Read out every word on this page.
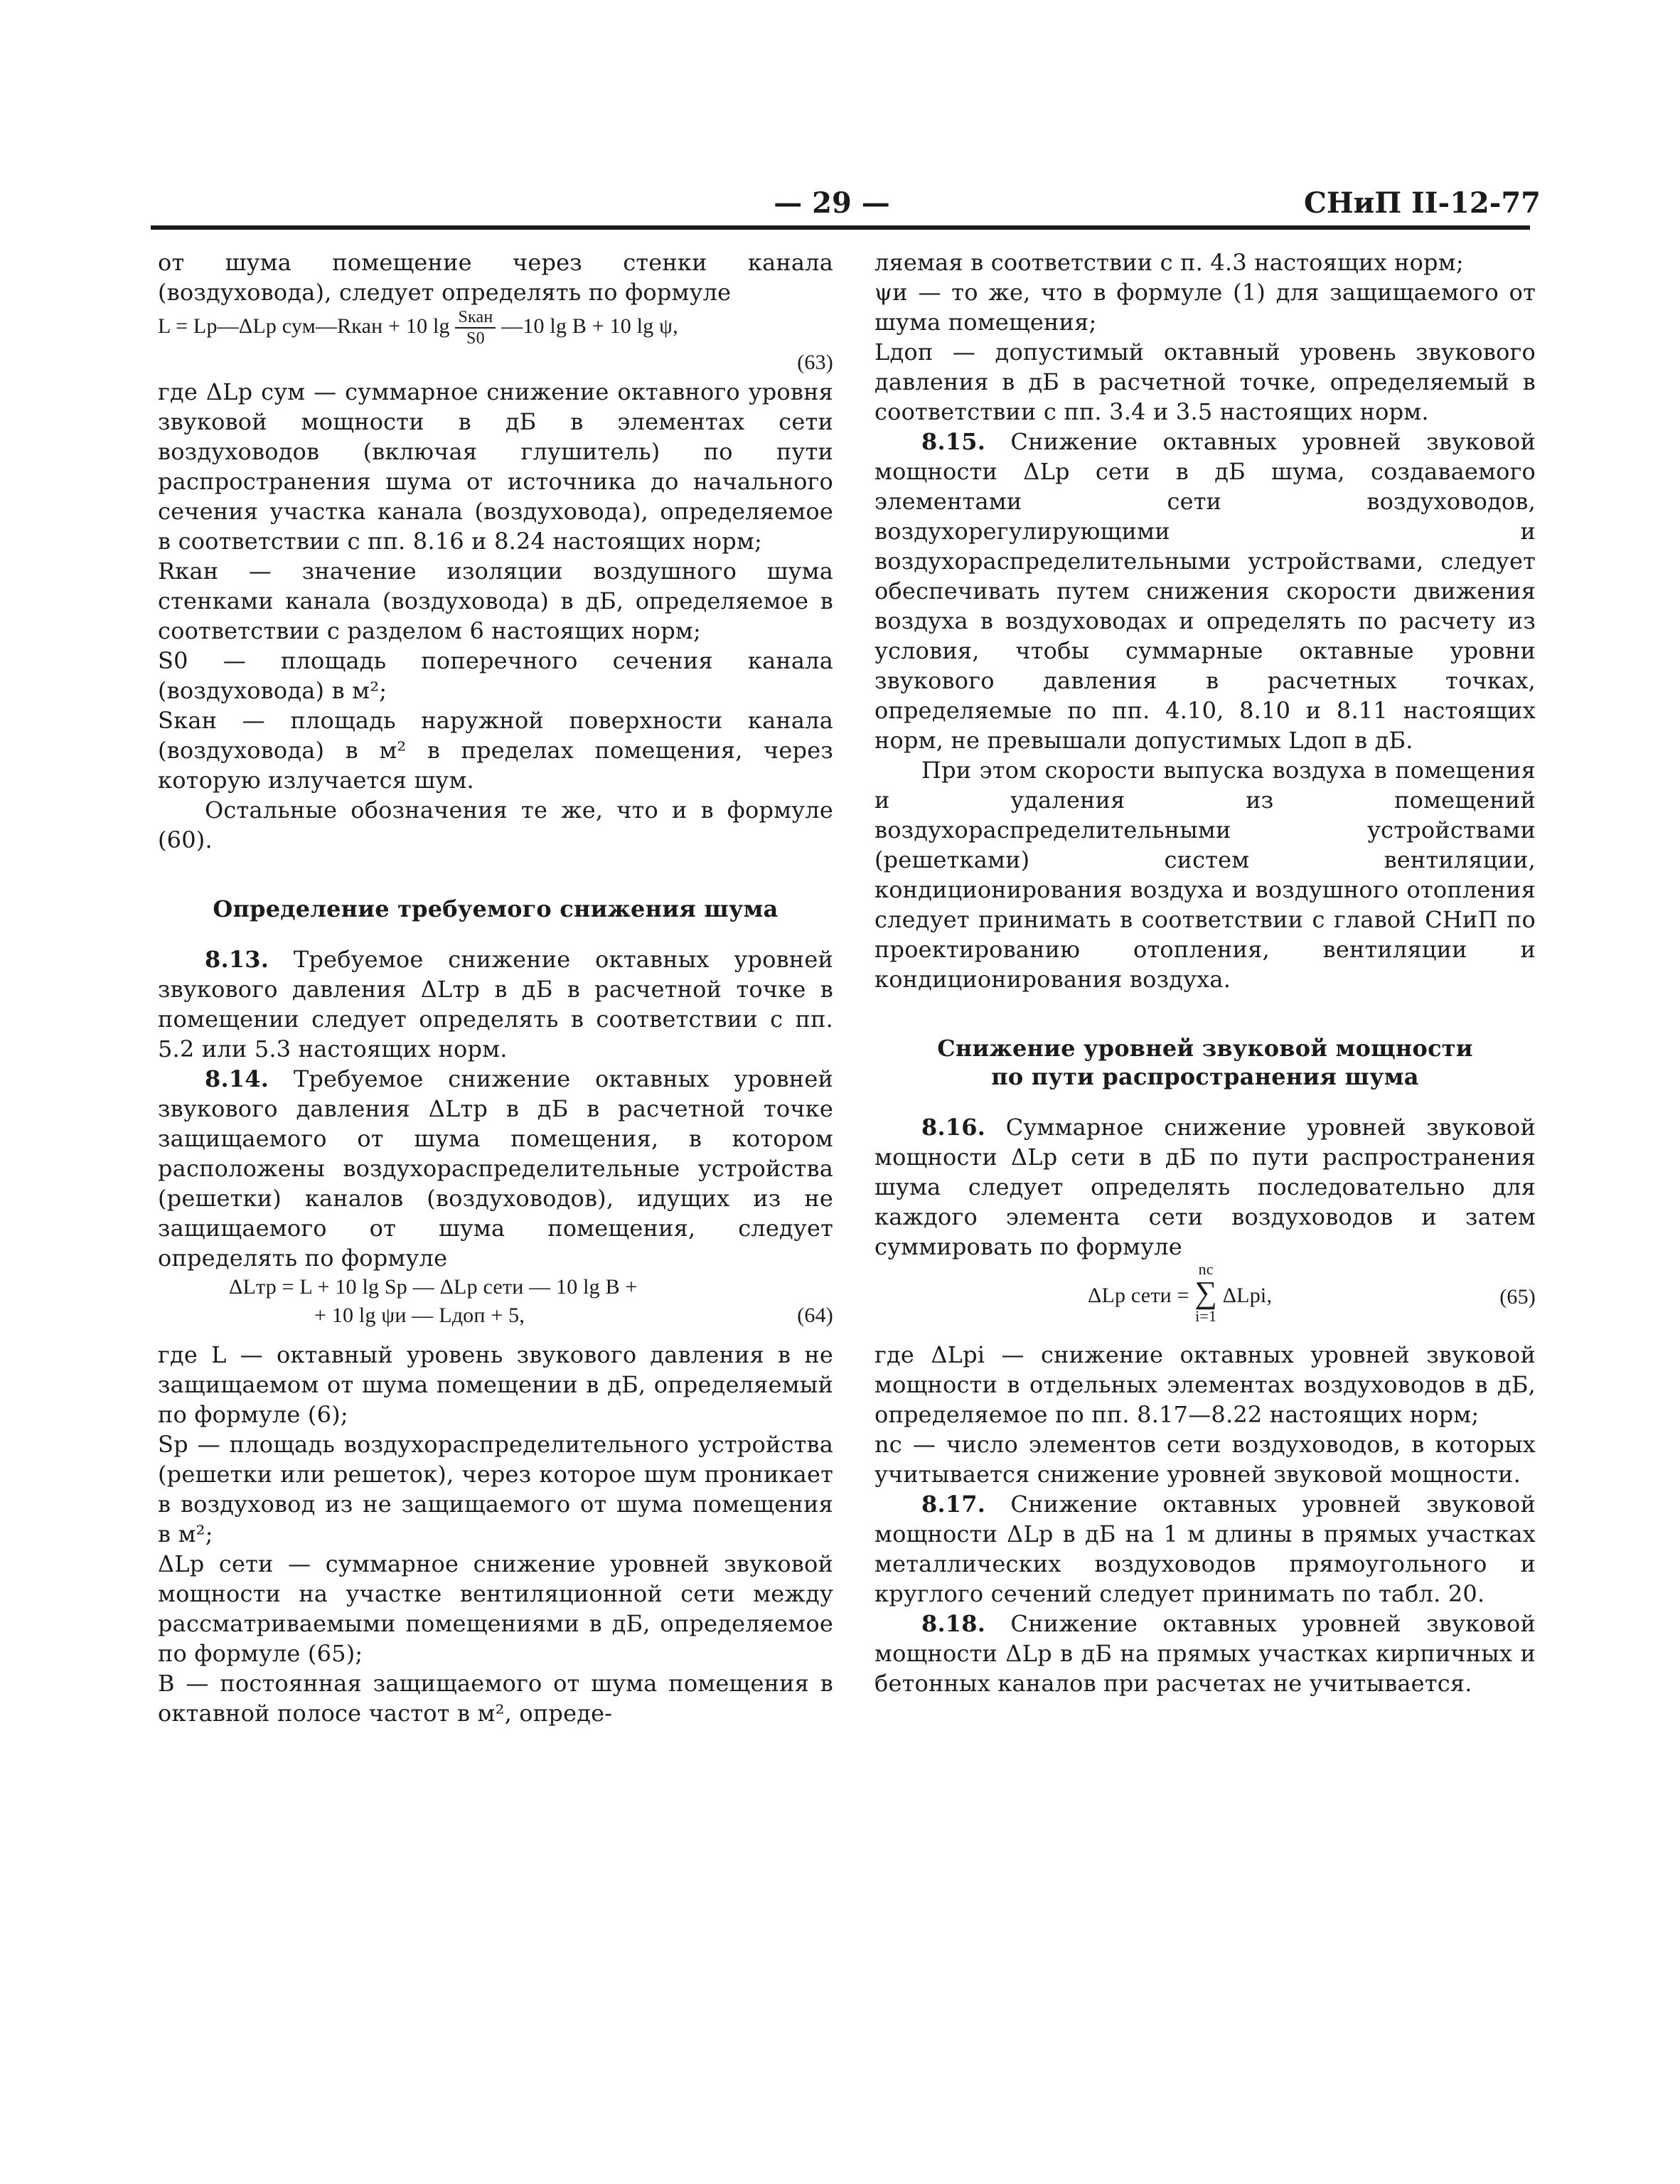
— 29 —	СНиП II-12-77

от шума помещение через стенки канала (воздуховода), следует определять по формуле

L = Lp—ΔLp сум—Rкан + 10 $\lg \frac{\text{Sкан}}{S0}$ —10 lg B + 10 lg ψ,
(63)

где ΔLp сум — суммарное снижение октавного уровня звуковой мощности в дБ в элементах сети воздуховодов (включая глушитель) по пути распространения шума от источника до начального сечения участка канала (воздуховода), определяемое в соответствии с пп. 8.16 и 8.24 настоящих норм;

Rкан — значение изоляции воздушного шума стенками канала (воздуховода) в дБ, определяемое в соответствии с разделом 6 настоящих норм;

S0 — площадь поперечного сечения канала (воздуховода) в м²;

Sкан — площадь наружной поверхности канала (воздуховода) в м² в пределах помещения, через которую излучается шум.

Остальные обозначения те же, что и в формуле (60).

Определение требуемого снижения шума

8.13. Требуемое снижение октавных уровней звукового давления ΔLтр в дБ в расчетной точке в помещении следует определять в соответствии с пп. 5.2 или 5.3 настоящих норм.

8.14. Требуемое снижение октавных уровней звукового давления ΔLтр в дБ в расчетной точке защищаемого от шума помещения, в котором расположены воздухораспределительные устройства (решетки) каналов (воздуховодов), идущих из не защищаемого от шума помещения, следует определять по формуле

ΔLтр = L + 10 lg Sp — ΔLp сети — 10 lg B +
+ 10 lg ψи — Lдоп + 5,	(64)

где L — октавный уровень звукового давления в не защищаемом от шума помещении в дБ, определяемый по формуле (6);

Sp — площадь воздухораспределительного устройства (решетки или решеток), через которое шум проникает в воздуховод из не защищаемого от шума помещения в м²;

ΔLp сети — суммарное снижение уровней звуковой мощности на участке вентиляционной сети между рассматриваемыми помещениями в дБ, определяемое по формуле (65);

B — постоянная защищаемого от шума помещения в октавной полосе частот в м², опреде-

ляемая в соответствии с п. 4.3 настоящих норм;

ψи — то же, что в формуле (1) для защищаемого от шума помещения;

Lдоп — допустимый октавный уровень звукового давления в дБ в расчетной точке, определяемый в соответствии с пп. 3.4 и 3.5 настоящих норм.

8.15. Снижение октавных уровней звуковой мощности ΔLp сети в дБ шума, создаваемого элементами сети воздуховодов, воздухорегулирующими и воздухораспределительными устройствами, следует обеспечивать путем снижения скорости движения воздуха в воздуховодах и определять по расчету из условия, чтобы суммарные октавные уровни звукового давления в расчетных точках, определяемые по пп. 4.10, 8.10 и 8.11 настоящих норм, не превышали допустимых Lдоп в дБ.

При этом скорости выпуска воздуха в помещения и удаления из помещений воздухораспределительными устройствами (решетками) систем вентиляции, кондиционирования воздуха и воздушного отопления следует принимать в соответствии с главой СНиП по проектированию отопления, вентиляции и кондиционирования воздуха.

Снижение уровней звуковой мощности

по пути распространения шума

8.16. Суммарное снижение уровней звуковой мощности ΔLp сети в дБ по пути распространения шума следует определять последовательно для каждого элемента сети воздуховодов и затем суммировать по формуле

ΔLp сети = nc
∑
i=1 ΔLpi,	(65)

где ΔLpi — снижение октавных уровней звуковой мощности в отдельных элементах воздуховодов в дБ, определяемое по пп. 8.17—8.22 настоящих норм;

nc — число элементов сети воздуховодов, в которых учитывается снижение уровней звуковой мощности.

8.17. Снижение октавных уровней звуковой мощности ΔLp в дБ на 1 м длины в прямых участках металлических воздуховодов прямоугольного и круглого сечений следует принимать по табл. 20.

8.18. Снижение октавных уровней звуковой мощности ΔLp в дБ на прямых участках кирпичных и бетонных каналов при расчетах не учитывается.
